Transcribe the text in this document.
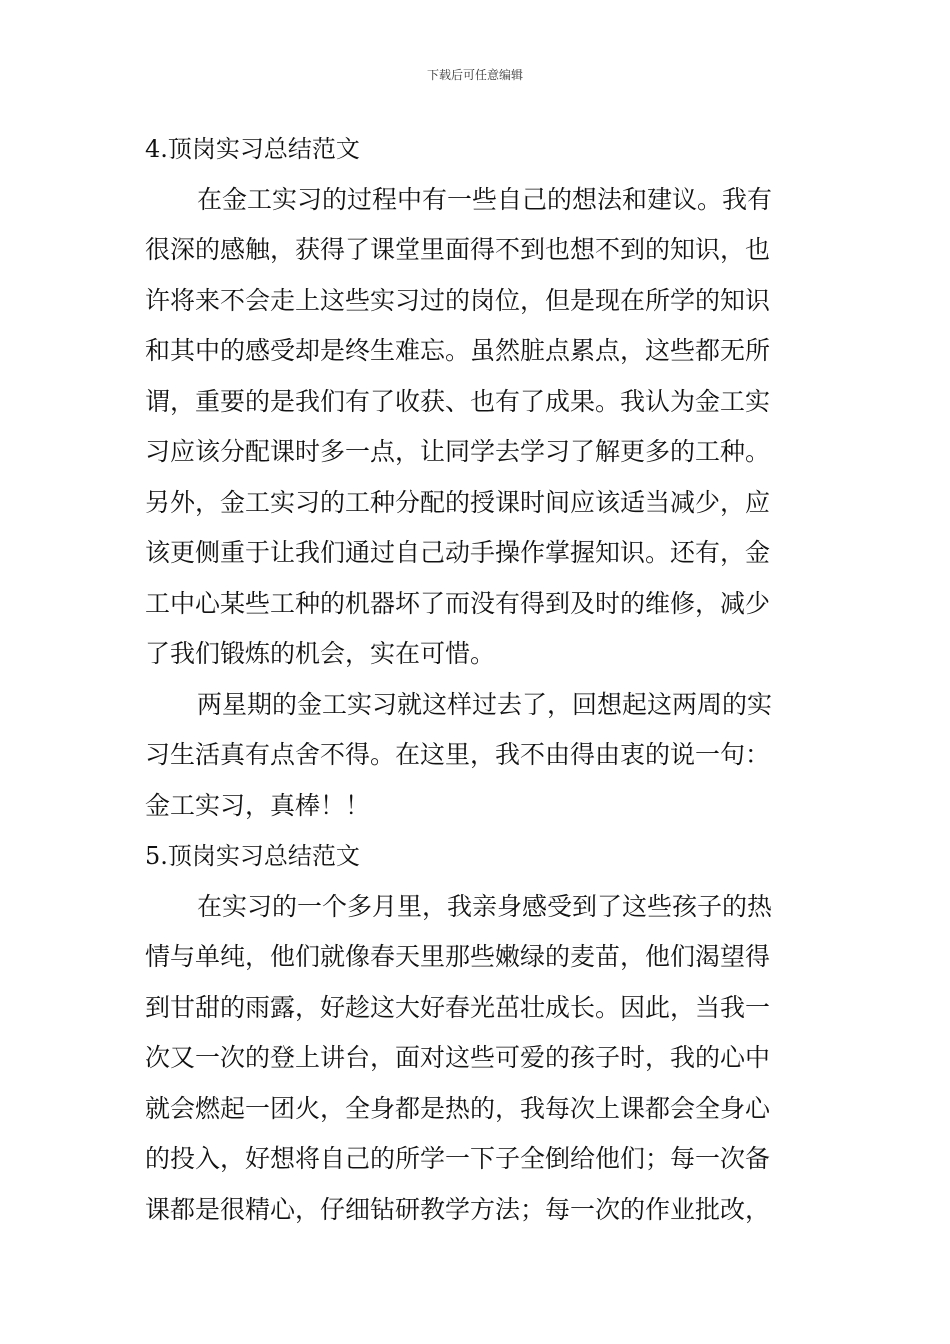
下载后可任意编辑
4.顶岗实习总结范文
在金工实习的过程中有一些自己的想法和建议。我有
很深的感触，获得了课堂里面得不到也想不到的知识，也
许将来不会走上这些实习过的岗位，但是现在所学的知识
和其中的感受却是终生难忘。虽然脏点累点，这些都无所
谓，重要的是我们有了收获、也有了成果。我认为金工实
习应该分配课时多一点，让同学去学习了解更多的工种。
另外，金工实习的工种分配的授课时间应该适当减少，应
该更侧重于让我们通过自己动手操作掌握知识。还有，金
工中心某些工种的机器坏了而没有得到及时的维修，减少
了我们锻炼的机会，实在可惜。
两星期的金工实习就这样过去了，回想起这两周的实
习生活真有点舍不得。在这里，我不由得由衷的说一句：
金工实习，真棒！！
5.顶岗实习总结范文
在实习的一个多月里，我亲身感受到了这些孩子的热
情与单纯，他们就像春天里那些嫩绿的麦苗，他们渴望得
到甘甜的雨露，好趁这大好春光茁壮成长。因此，当我一
次又一次的登上讲台，面对这些可爱的孩子时，我的心中
就会燃起一团火，全身都是热的，我每次上课都会全身心
的投入，好想将自己的所学一下子全倒给他们；每一次备
课都是很精心，仔细钻研教学方法；每一次的作业批改，
